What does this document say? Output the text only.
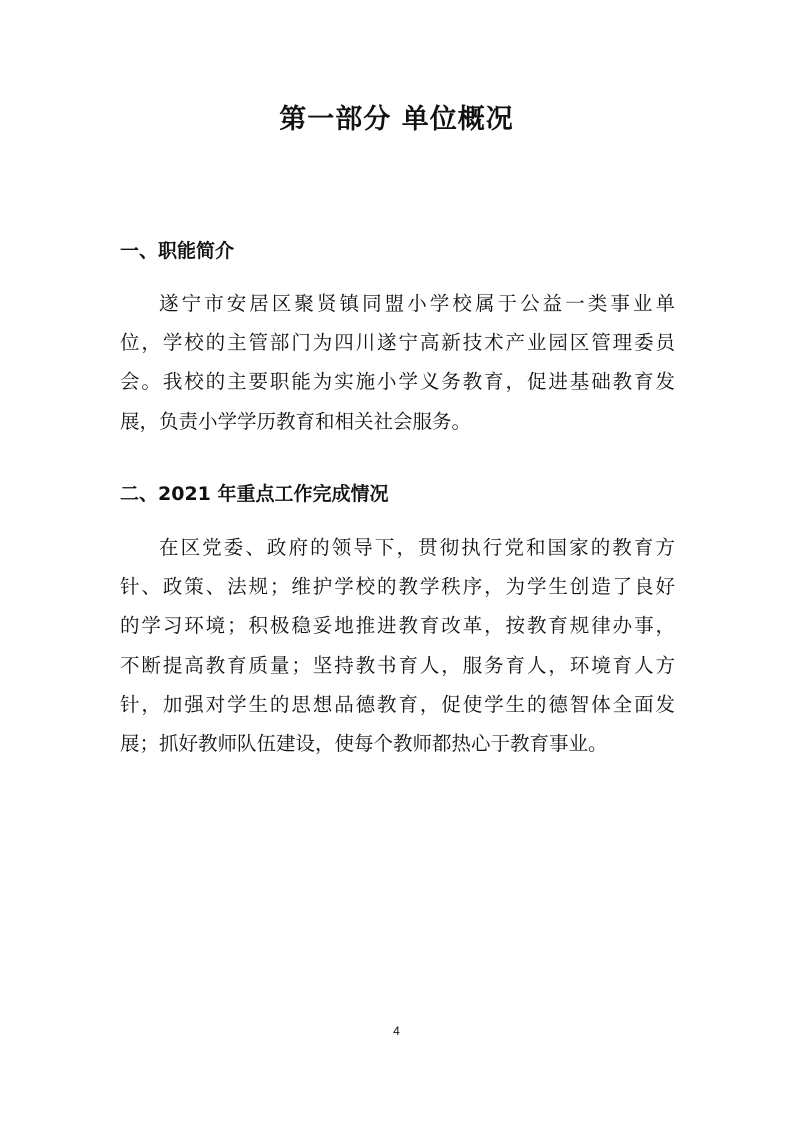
第一部分 单位概况
一、职能简介
遂宁市安居区聚贤镇同盟小学校属于公益一类事业单
位，学校的主管部门为四川遂宁高新技术产业园区管理委员
会。我校的主要职能为实施小学义务教育，促进基础教育发
展，负责小学学历教育和相关社会服务。
二、2021 年重点工作完成情况
在区党委、政府的领导下，贯彻执行党和国家的教育方
针、政策、法规；维护学校的教学秩序，为学生创造了良好
的学习环境；积极稳妥地推进教育改革，按教育规律办事，
不断提高教育质量；坚持教书育人，服务育人，环境育人方
针，加强对学生的思想品德教育，促使学生的德智体全面发
展；抓好教师队伍建设，使每个教师都热心于教育事业。
4
